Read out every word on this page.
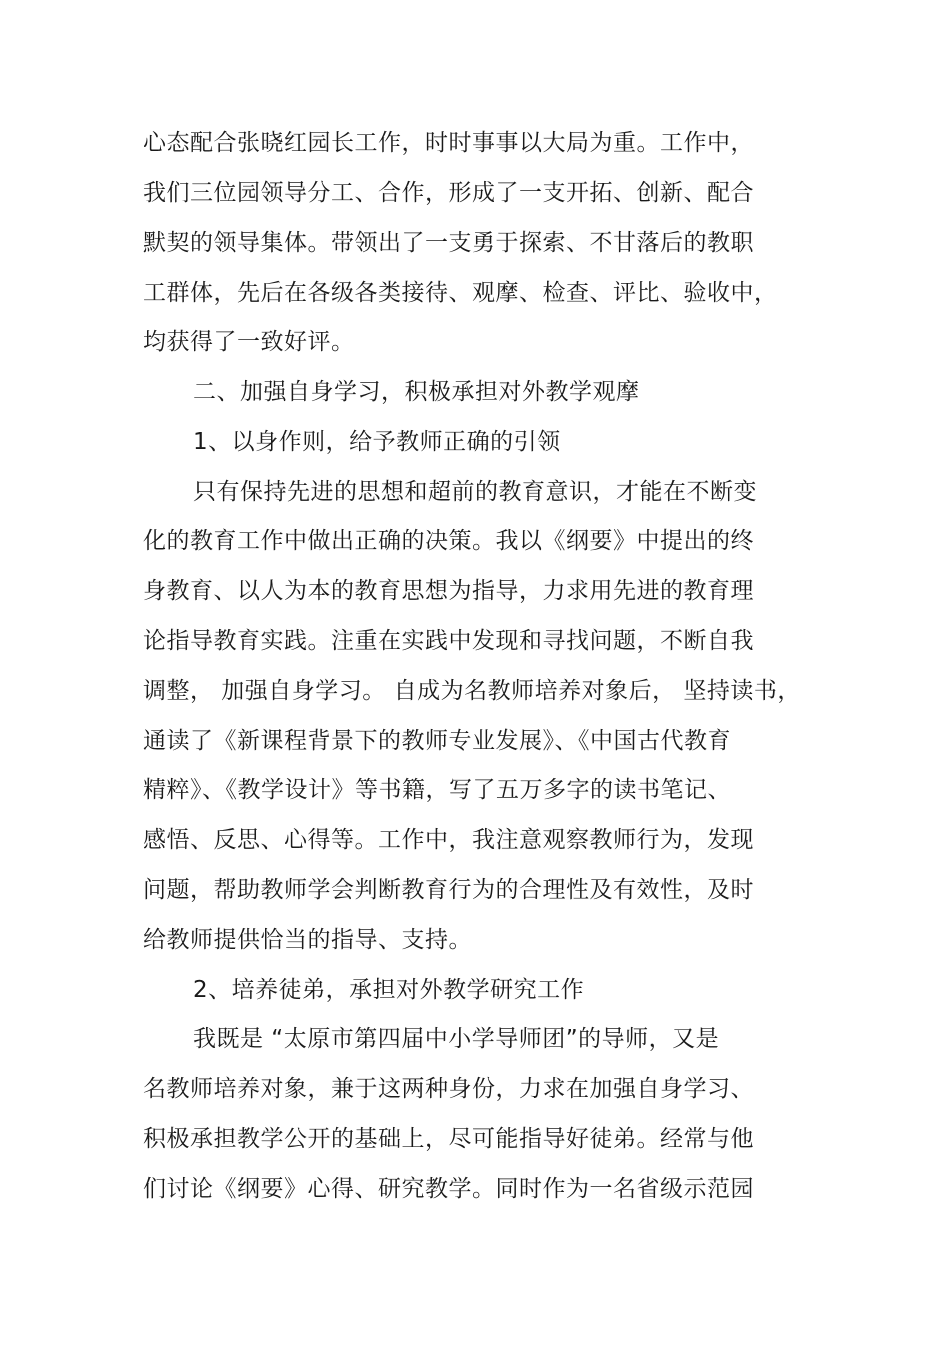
心态配合张晓红园长工作，时时事事以大局为重。工作中，
我们三位园领导分工、合作，形成了一支开拓、创新、配合
默契的领导集体。带领出了一支勇于探索、不甘落后的教职
工群体，先后在各级各类接待、观摩、检查、评比、验收中，
均获得了一致好评。
二、加强自身学习，积极承担对外教学观摩
1、以身作则，给予教师正确的引领
只有保持先进的思想和超前的教育意识，才能在不断变
化的教育工作中做出正确的决策。我以《纲要》中提出的终
身教育、以人为本的教育思想为指导，力求用先进的教育理
论指导教育实践。注重在实践中发现和寻找问题，不断自我
调整， 加强自身学习。 自成为名教师培养对象后， 坚持读书，
通读了《新课程背景下的教师专业发展》、《中国古代教育
精粹》、《教学设计》等书籍，写了五万多字的读书笔记、
感悟、反思、心得等。工作中，我注意观察教师行为，发现
问题，帮助教师学会判断教育行为的合理性及有效性，及时
给教师提供恰当的指导、支持。
2、培养徒弟，承担对外教学研究工作
我既是 “太原市第四届中小学导师团”的导师，又是
名教师培养对象，兼于这两种身份，力求在加强自身学习、
积极承担教学公开的基础上，尽可能指导好徒弟。经常与他
们讨论《纲要》心得、研究教学。同时作为一名省级示范园
